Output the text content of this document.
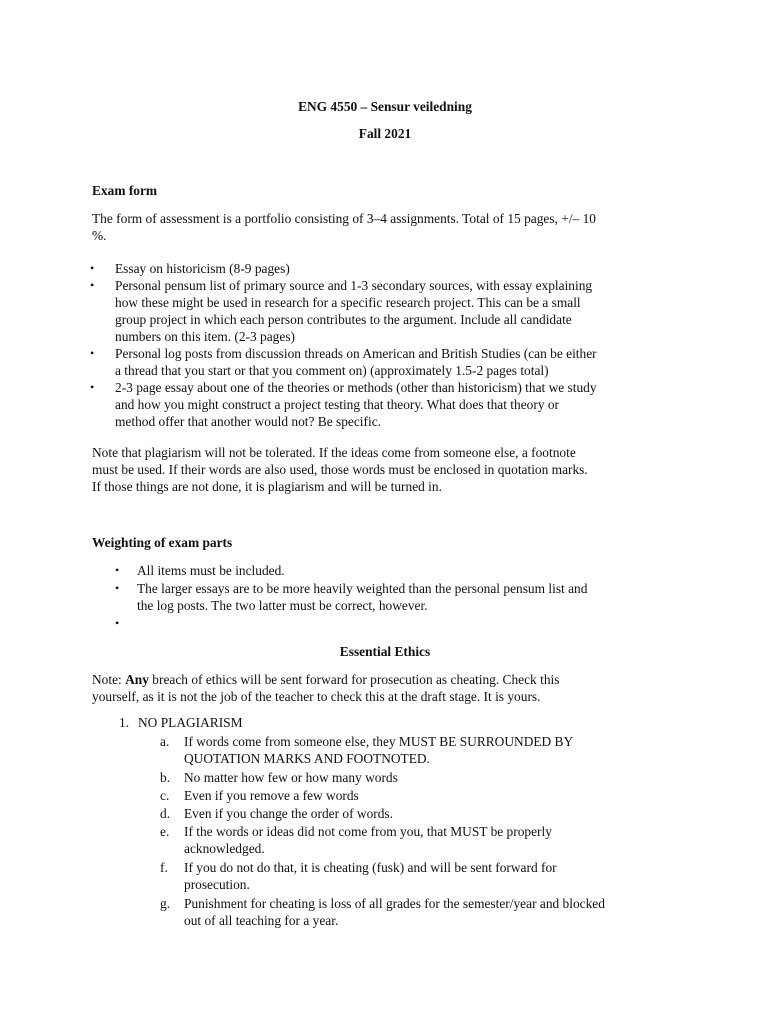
ENG 4550 – Sensur veiledning
Fall 2021
Exam form
The form of assessment is a portfolio consisting of 3–4 assignments. Total of 15 pages, +/– 10
%.
• Essay on historicism (8-9 pages)
• Personal pensum list of primary source and 1-3 secondary sources, with essay explaining
how these might be used in research for a specific research project. This can be a small
group project in which each person contributes to the argument. Include all candidate
numbers on this item. (2-3 pages)
• Personal log posts from discussion threads on American and British Studies (can be either
a thread that you start or that you comment on) (approximately 1.5-2 pages total)
• 2-3 page essay about one of the theories or methods (other than historicism) that we study
and how you might construct a project testing that theory. What does that theory or
method offer that another would not? Be specific.
Note that plagiarism will not be tolerated. If the ideas come from someone else, a footnote
must be used. If their words are also used, those words must be enclosed in quotation marks.
If those things are not done, it is plagiarism and will be turned in.
Weighting of exam parts
• All items must be included.
• The larger essays are to be more heavily weighted than the personal pensum list and
the log posts. The two latter must be correct, however.
•
Essential Ethics
Note: Any breach of ethics will be sent forward for prosecution as cheating. Check this
yourself, as it is not the job of the teacher to check this at the draft stage. It is yours.
1. NO PLAGIARISM
a. If words come from someone else, they MUST BE SURROUNDED BY
QUOTATION MARKS AND FOOTNOTED.
b. No matter how few or how many words
c. Even if you remove a few words
d. Even if you change the order of words.
e. If the words or ideas did not come from you, that MUST be properly
acknowledged.
f. If you do not do that, it is cheating (fusk) and will be sent forward for
prosecution.
g. Punishment for cheating is loss of all grades for the semester/year and blocked
out of all teaching for a year.
